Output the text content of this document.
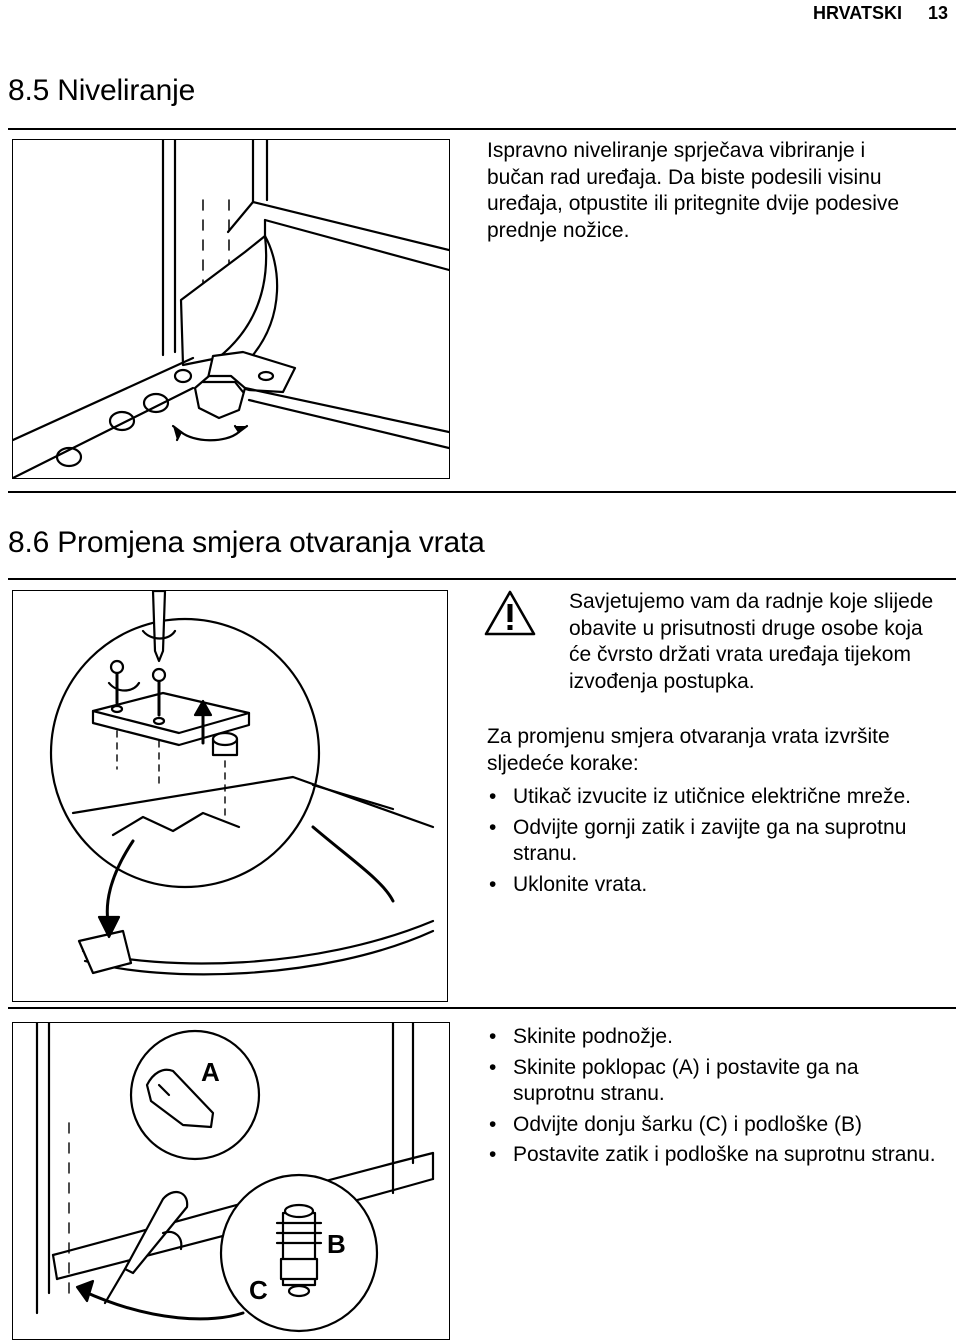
HRVATSKI 13
8.5 Niveliranje
Ispravno niveliranje sprječava vibriranje i bučan rad uređaja. Da biste podesili visinu uređaja, otpustite ili pritegnite dvije podesive prednje nožice.
8.6 Promjena smjera otvaranja vrata
Savjetujemo vam da radnje koje slijede obavite u prisutnosti druge osobe koja će čvrsto držati vrata uređaja tijekom izvođenja postupka.
Za promjenu smjera otvaranja vrata izvršite sljedeće korake:
• Utikač izvucite iz utičnice električne mreže.
• Odvijte gornji zatik i zavijte ga na suprotnu stranu.
• Uklonite vrata.
A
B
C
• Skinite podnožje.
• Skinite poklopac (A) i postavite ga na suprotnu stranu.
• Odvijte donju šarku (C) i podloške (B)
• Postavite zatik i podloške na suprotnu stranu.
